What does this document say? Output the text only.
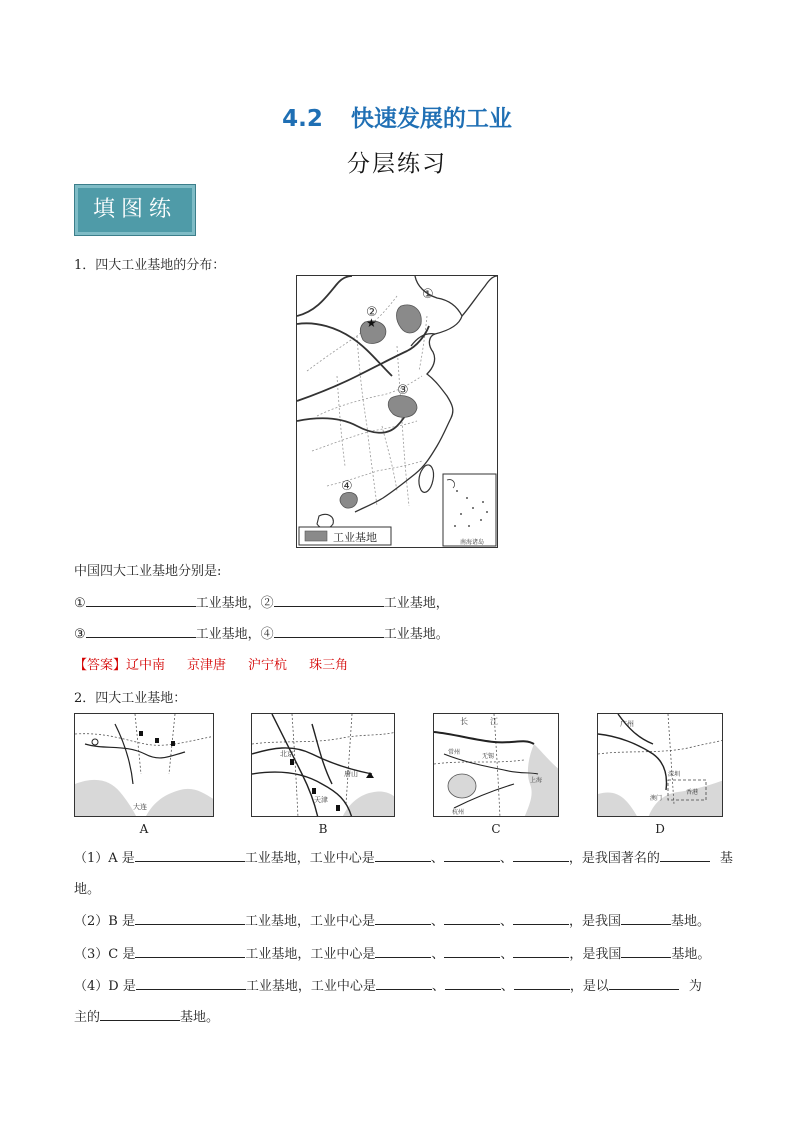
4.2 快速发展的工业
分层练习
填图练
1．四大工业基地的分布：
★
①
②
③
④
工业基地	南海诸岛
中国四大工业基地分别是:
①	工业基地，②	工业基地，
③	工业基地，④	工业基地。
【答案】辽中南 京津唐 沪宁杭 珠三角
2．四大工业基地：
大连
A
北京
天津
唐山
B
长	江
常州
无锡
上海
杭州
C
广州
深圳
澳门
香港
D
（1）A 是	工业基地，工业中心是	、	、	，是我国著名的	基
地。
（2）B 是	工业基地，工业中心是	、	、	，是我国	基地。
（3）C 是	工业基地，工业中心是	、	、	，是我国	基地。
（4）D 是	工业基地，工业中心是	、	、	，是以	为
主的	基地。
